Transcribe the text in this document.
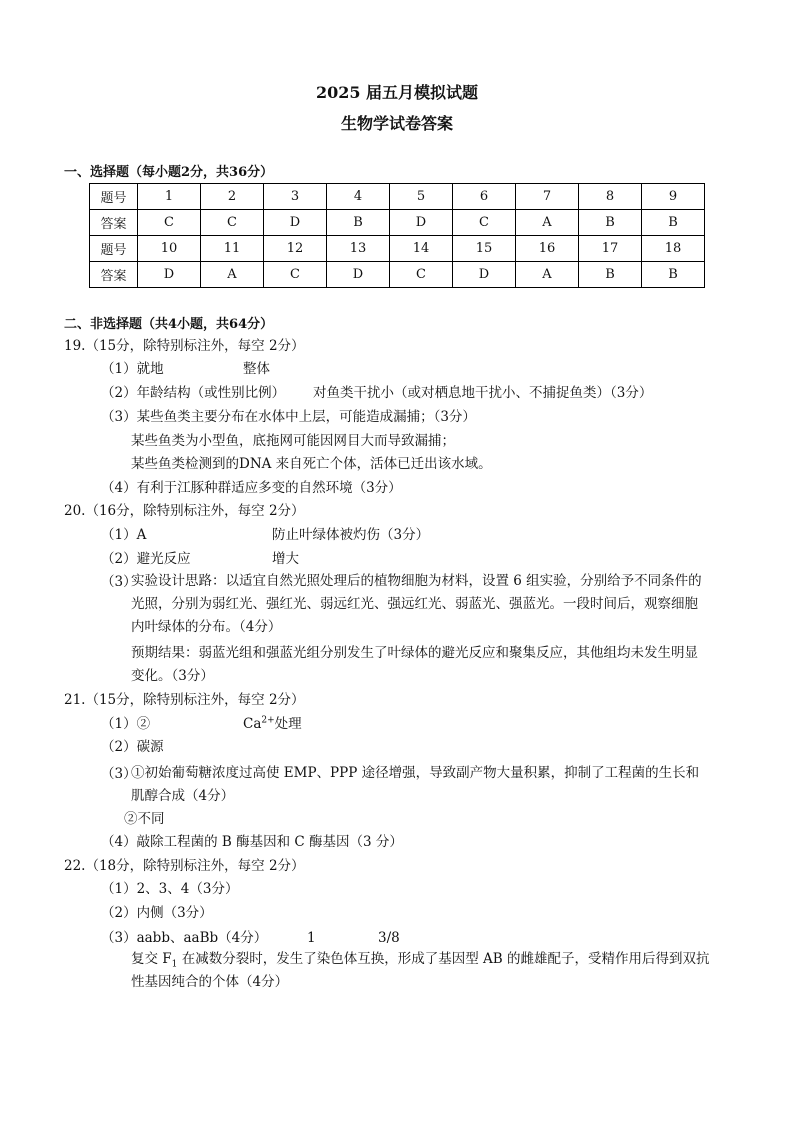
2025 届五月模拟试题
生物学试卷答案
一、选择题（每小题2分，共36分）
题号	1	2	3	4	5	6	7	8	9
答案	C	C	D	B	D	C	A	B	B
题号	10	11	12	13	14	15	16	17	18
答案	D	A	C	D	C	D	A	B	B
二、非选择题（共4小题，共64分）
19.（15分，除特别标注外，每空 2分）
（1）就地	整体
（2）年龄结构（或性别比例） 对鱼类干扰小（或对栖息地干扰小、不捕捉鱼类）（3分）
（3）某些鱼类主要分布在水体中上层，可能造成漏捕；（3分）
某些鱼类为小型鱼，底拖网可能因网目大而导致漏捕；
某些鱼类检测到的DNA 来自死亡个体，活体已迁出该水域。
（4）有利于江豚种群适应多变的自然环境（3分）
20.（16分，除特别标注外，每空 2分）
（1）A	防止叶绿体被灼伤（3分）
（2）避光反应	增大
（3）
实验设计思路：以适宜自然光照处理后的植物细胞为材料，设置 6 组实验，分别给予不同条件的光照，分别为弱红光、强红光、弱远红光、强远红光、弱蓝光、强蓝光。一段时间后，观察细胞内叶绿体的分布。（4分）
预期结果：弱蓝光组和强蓝光组分别发生了叶绿体的避光反应和聚集反应，其他组均未发生明显变化。（3分）
21.（15分，除特别标注外，每空 2分）
（1）②	$Ca^{2+}$处理
（2）碳源
（3）
①初始葡萄糖浓度过高使 EMP、PPP 途径增强，导致副产物大量积累，抑制了工程菌的生长和肌醇合成（4分）
②不同
（4）敲除工程菌的 B 酶基因和 C 酶基因（3 分）
22.（18分，除特别标注外，每空 2分）
（1）2、3、4（3分）
（2）内侧（3分）
（3）aabb、aaBb（4分）	1	3/8
复交 $F_1$ 在减数分裂时，发生了染色体互换，形成了基因型 AB 的雌雄配子，受精作用后得到双抗性基因纯合的个体（4分）
